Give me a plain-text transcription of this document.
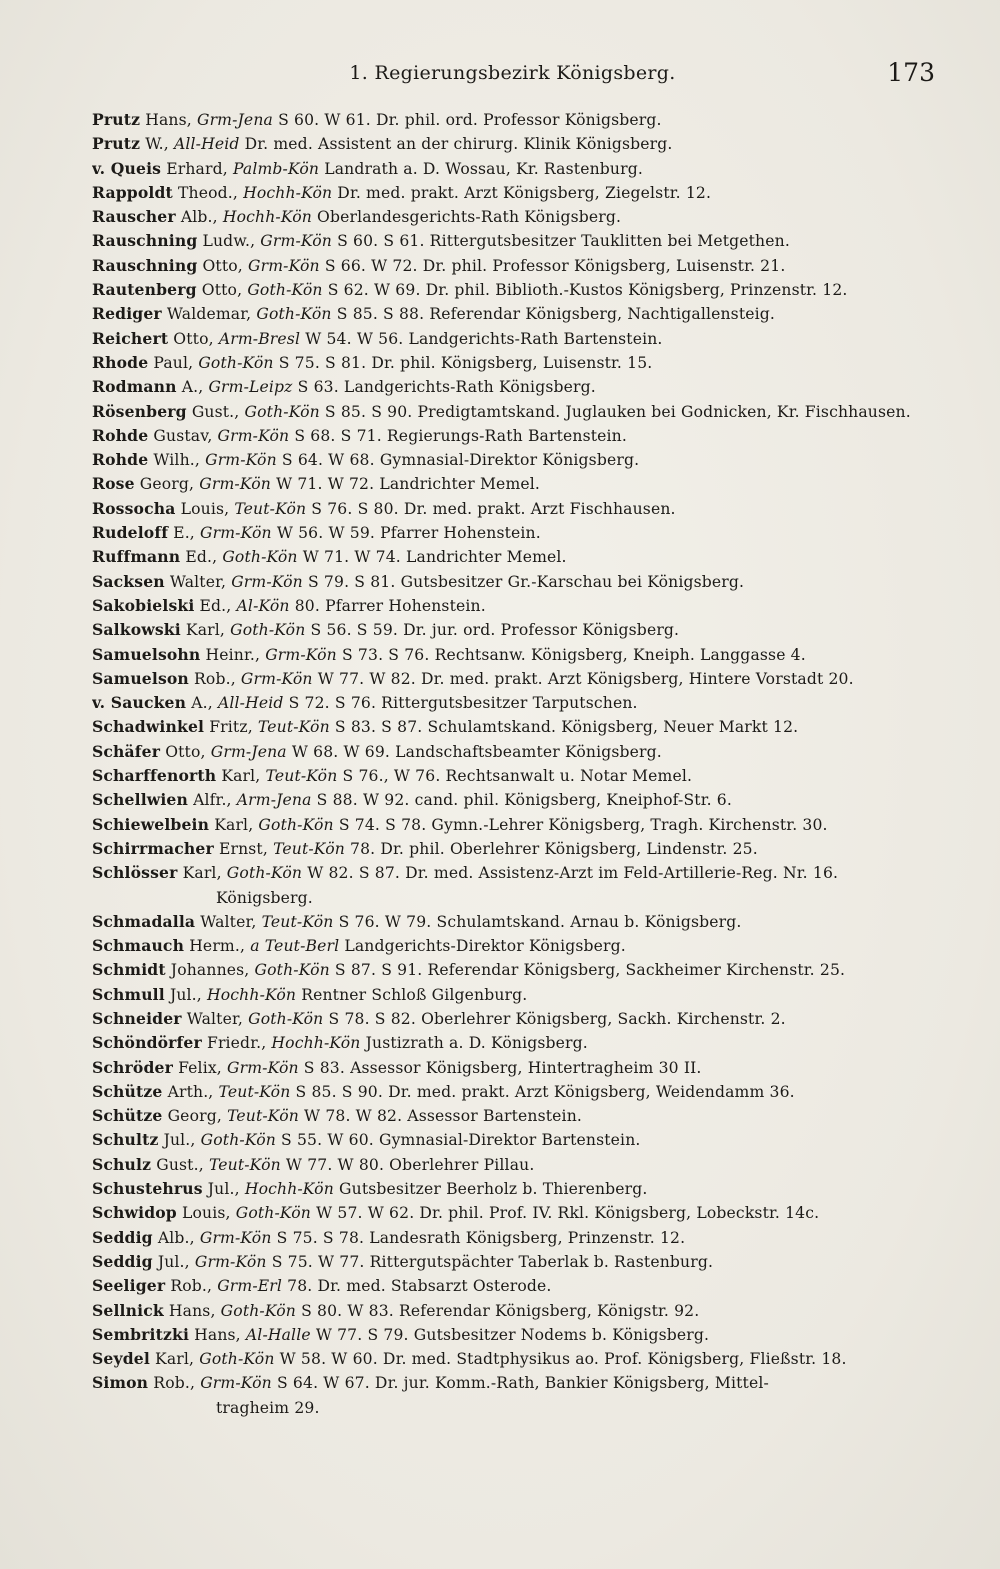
1. Regierungsbezirk Königsberg.	173
Prutz Hans, Grm-Jena S 60. W 61. Dr. phil. ord. Professor Königsberg.
Prutz W., All-Heid Dr. med. Assistent an der chirurg. Klinik Königsberg.
v. Queis Erhard, Palmb-Kön Landrath a. D. Wossau, Kr. Rastenburg.
Rappoldt Theod., Hochh-Kön Dr. med. prakt. Arzt Königsberg, Ziegelstr. 12.
Rauscher Alb., Hochh-Kön Oberlandesgerichts-Rath Königsberg.
Rauschning Ludw., Grm-Kön S 60. S 61. Rittergutsbesitzer Tauklitten bei Metgethen.
Rauschning Otto, Grm-Kön S 66. W 72. Dr. phil. Professor Königsberg, Luisenstr. 21.
Rautenberg Otto, Goth-Kön S 62. W 69. Dr. phil. Biblioth.-Kustos Königsberg, Prinzenstr. 12.
Rediger Waldemar, Goth-Kön S 85. S 88. Referendar Königsberg, Nachtigallensteig.
Reichert Otto, Arm-Bresl W 54. W 56. Landgerichts-Rath Bartenstein.
Rhode Paul, Goth-Kön S 75. S 81. Dr. phil. Königsberg, Luisenstr. 15.
Rodmann A., Grm-Leipz S 63. Landgerichts-Rath Königsberg.
Rösenberg Gust., Goth-Kön S 85. S 90. Predigtamtskand. Juglauken bei Godnicken, Kr. Fischhausen.
Rohde Gustav, Grm-Kön S 68. S 71. Regierungs-Rath Bartenstein.
Rohde Wilh., Grm-Kön S 64. W 68. Gymnasial-Direktor Königsberg.
Rose Georg, Grm-Kön W 71. W 72. Landrichter Memel.
Rossocha Louis, Teut-Kön S 76. S 80. Dr. med. prakt. Arzt Fischhausen.
Rudeloff E., Grm-Kön W 56. W 59. Pfarrer Hohenstein.
Ruffmann Ed., Goth-Kön W 71. W 74. Landrichter Memel.
Sacksen Walter, Grm-Kön S 79. S 81. Gutsbesitzer Gr.-Karschau bei Königsberg.
Sakobielski Ed., Al-Kön 80. Pfarrer Hohenstein.
Salkowski Karl, Goth-Kön S 56. S 59. Dr. jur. ord. Professor Königsberg.
Samuelsohn Heinr., Grm-Kön S 73. S 76. Rechtsanw. Königsberg, Kneiph. Langgasse 4.
Samuelson Rob., Grm-Kön W 77. W 82. Dr. med. prakt. Arzt Königsberg, Hintere Vorstadt 20.
v. Saucken A., All-Heid S 72. S 76. Rittergutsbesitzer Tarputschen.
Schadwinkel Fritz, Teut-Kön S 83. S 87. Schulamtskand. Königsberg, Neuer Markt 12.
Schäfer Otto, Grm-Jena W 68. W 69. Landschaftsbeamter Königsberg.
Scharffenorth Karl, Teut-Kön S 76., W 76. Rechtsanwalt u. Notar Memel.
Schellwien Alfr., Arm-Jena S 88. W 92. cand. phil. Königsberg, Kneiphof-Str. 6.
Schiewelbein Karl, Goth-Kön S 74. S 78. Gymn.-Lehrer Königsberg, Tragh. Kirchenstr. 30.
Schirrmacher Ernst, Teut-Kön 78. Dr. phil. Oberlehrer Königsberg, Lindenstr. 25.
Schlösser Karl, Goth-Kön W 82. S 87. Dr. med. Assistenz-Arzt im Feld-Artillerie-Reg. Nr. 16.
Königsberg.
Schmadalla Walter, Teut-Kön S 76. W 79. Schulamtskand. Arnau b. Königsberg.
Schmauch Herm., a Teut-Berl Landgerichts-Direktor Königsberg.
Schmidt Johannes, Goth-Kön S 87. S 91. Referendar Königsberg, Sackheimer Kirchenstr. 25.
Schmull Jul., Hochh-Kön Rentner Schloß Gilgenburg.
Schneider Walter, Goth-Kön S 78. S 82. Oberlehrer Königsberg, Sackh. Kirchenstr. 2.
Schöndörfer Friedr., Hochh-Kön Justizrath a. D. Königsberg.
Schröder Felix, Grm-Kön S 83. Assessor Königsberg, Hintertragheim 30 II.
Schütze Arth., Teut-Kön S 85. S 90. Dr. med. prakt. Arzt Königsberg, Weidendamm 36.
Schütze Georg, Teut-Kön W 78. W 82. Assessor Bartenstein.
Schultz Jul., Goth-Kön S 55. W 60. Gymnasial-Direktor Bartenstein.
Schulz Gust., Teut-Kön W 77. W 80. Oberlehrer Pillau.
Schustehrus Jul., Hochh-Kön Gutsbesitzer Beerholz b. Thierenberg.
Schwidop Louis, Goth-Kön W 57. W 62. Dr. phil. Prof. IV. Rkl. Königsberg, Lobeckstr. 14c.
Seddig Alb., Grm-Kön S 75. S 78. Landesrath Königsberg, Prinzenstr. 12.
Seddig Jul., Grm-Kön S 75. W 77. Rittergutspächter Taberlak b. Rastenburg.
Seeliger Rob., Grm-Erl 78. Dr. med. Stabsarzt Osterode.
Sellnick Hans, Goth-Kön S 80. W 83. Referendar Königsberg, Königstr. 92.
Sembritzki Hans, Al-Halle W 77. S 79. Gutsbesitzer Nodems b. Königsberg.
Seydel Karl, Goth-Kön W 58. W 60. Dr. med. Stadtphysikus ao. Prof. Königsberg, Fließstr. 18.
Simon Rob., Grm-Kön S 64. W 67. Dr. jur. Komm.-Rath, Bankier Königsberg, Mittel-
tragheim 29.
